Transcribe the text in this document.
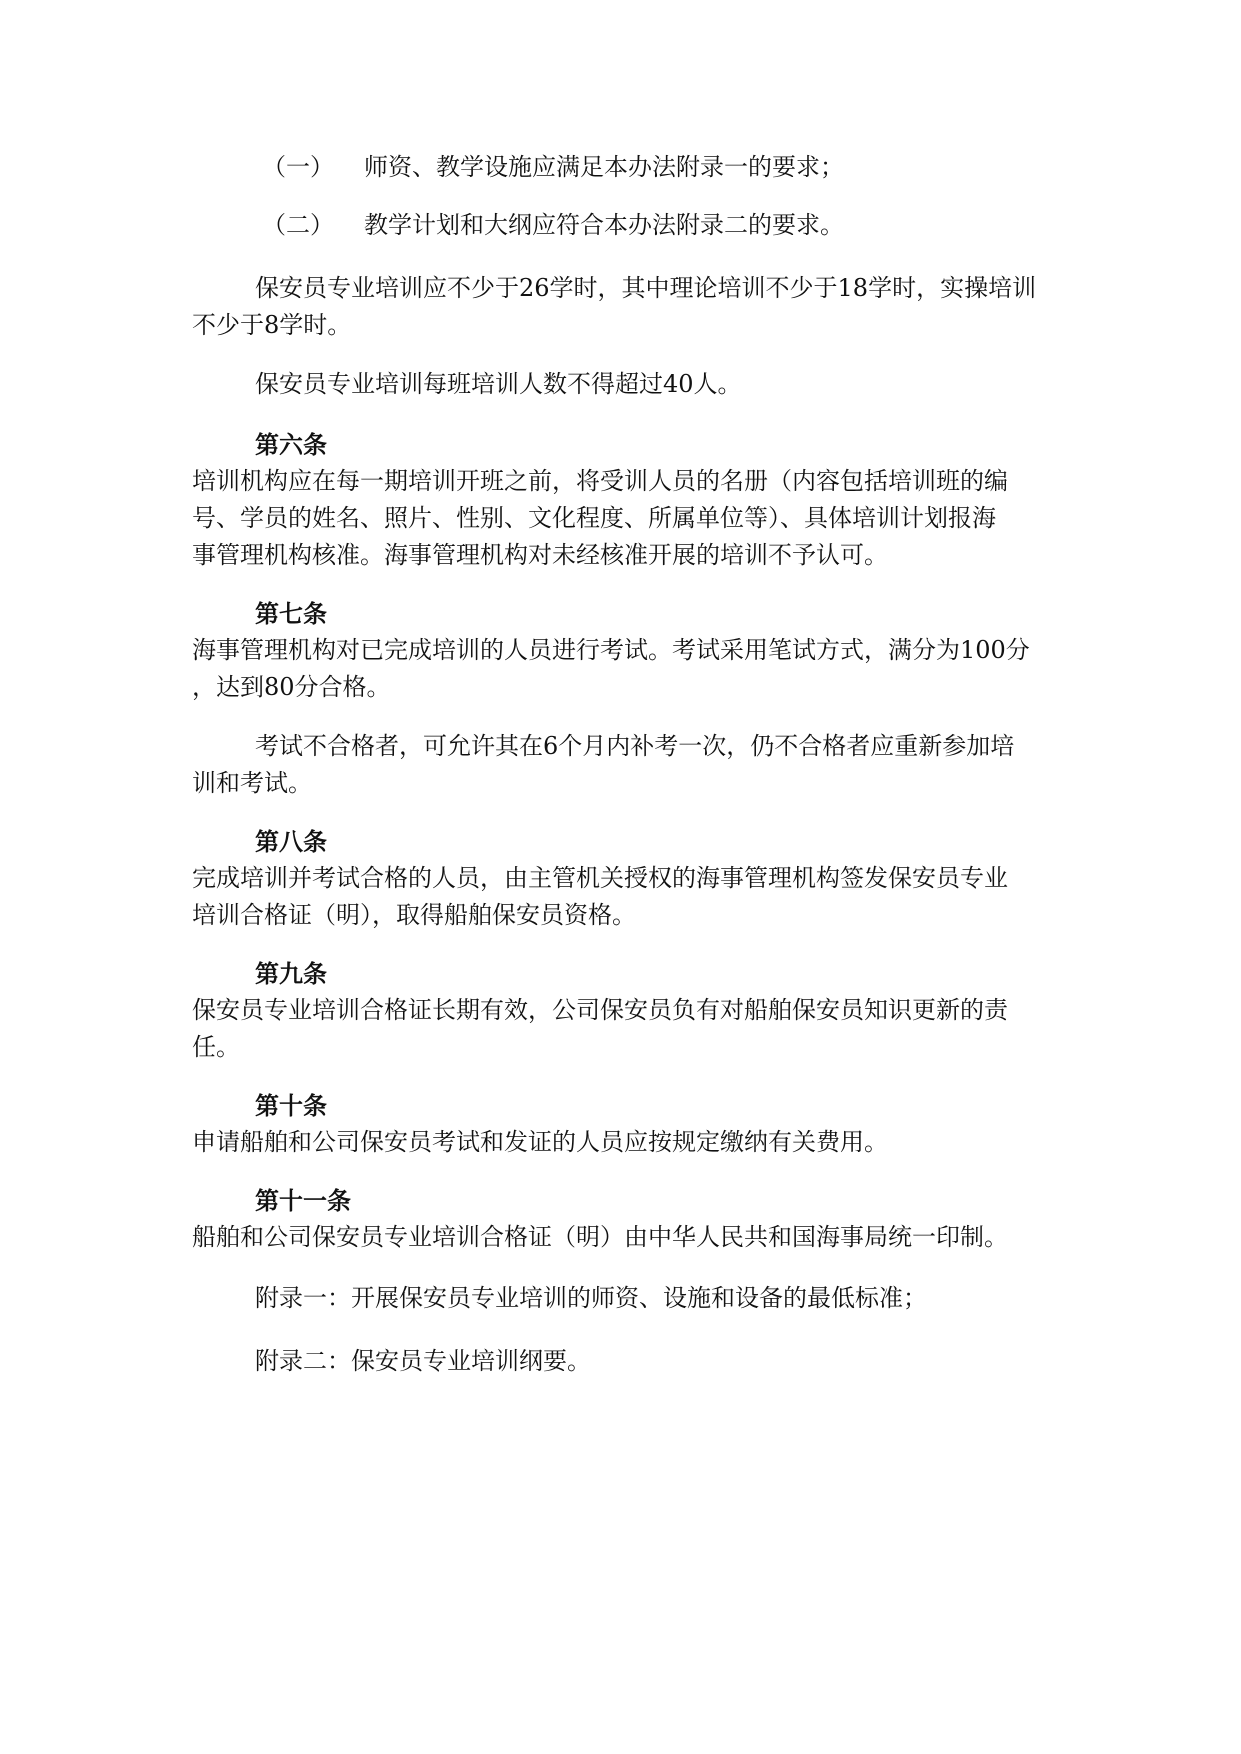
（一） 师资、教学设施应满足本办法附录一的要求；
（二） 教学计划和大纲应符合本办法附录二的要求。

保安员专业培训应不少于26学时，其中理论培训不少于18学时，实操培训

不少于8学时。

保安员专业培训每班培训人数不得超过40人。

第六条

培训机构应在每一期培训开班之前，将受训人员的名册（内容包括培训班的编

号、学员的姓名、照片、性别、文化程度、所属单位等）、具体培训计划报海

事管理机构核准。海事管理机构对未经核准开展的培训不予认可。

第七条

海事管理机构对已完成培训的人员进行考试。考试采用笔试方式，满分为100分

，达到80分合格。

考试不合格者，可允许其在6个月内补考一次，仍不合格者应重新参加培

训和考试。

第八条

完成培训并考试合格的人员，由主管机关授权的海事管理机构签发保安员专业

培训合格证（明），取得船舶保安员资格。

第九条

保安员专业培训合格证长期有效，公司保安员负有对船舶保安员知识更新的责

任。

第十条

申请船舶和公司保安员考试和发证的人员应按规定缴纳有关费用。

第十一条

船舶和公司保安员专业培训合格证（明）由中华人民共和国海事局统一印制。

附录一：开展保安员专业培训的师资、设施和设备的最低标准；

附录二：保安员专业培训纲要。
